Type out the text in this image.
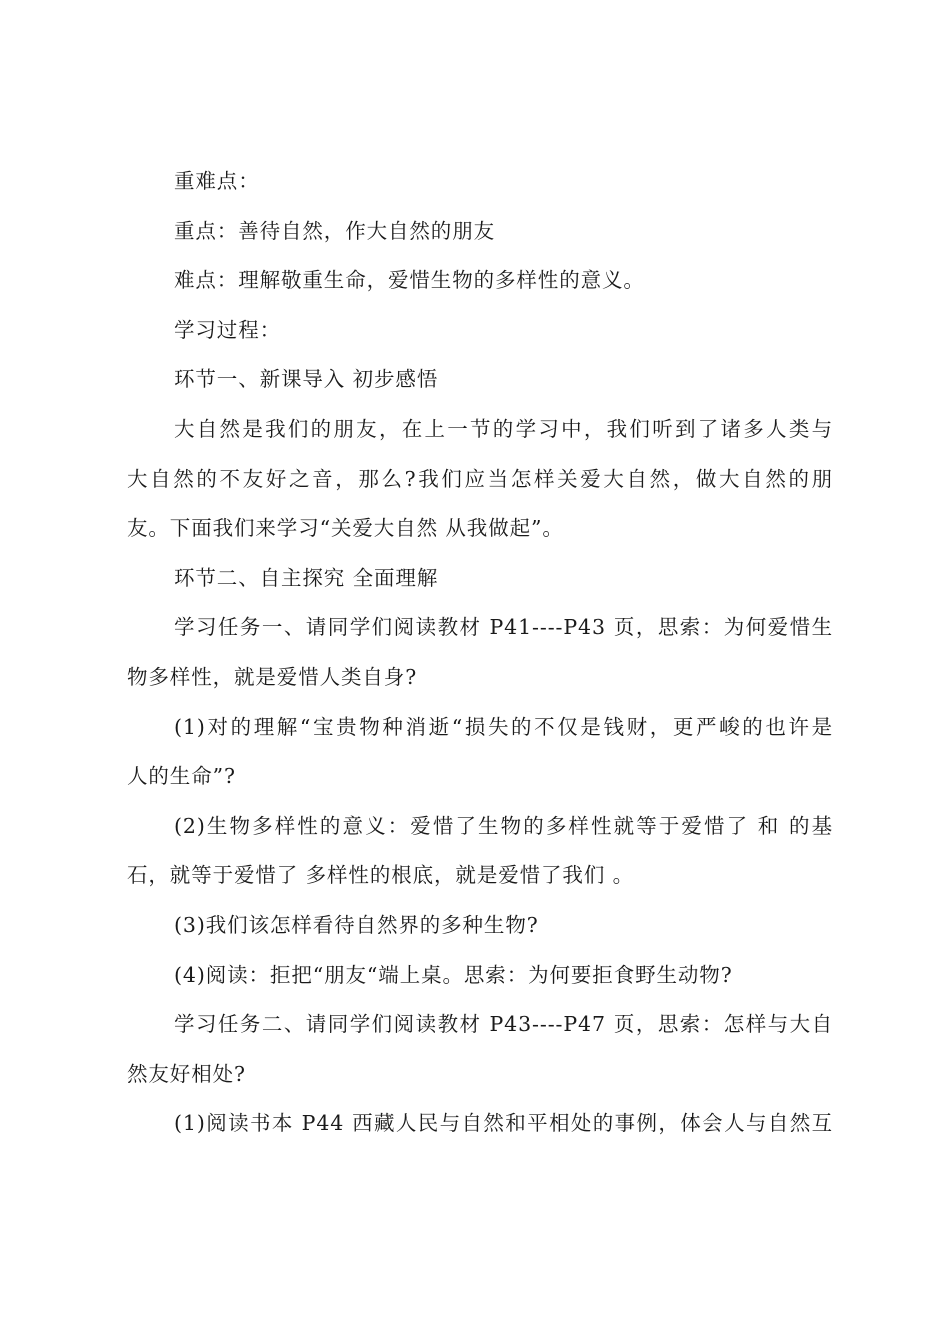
重难点：
重点：善待自然，作大自然的朋友
难点：理解敬重生命，爱惜生物的多样性的意义。
学习过程：
环节一、新课导入 初步感悟
大自然是我们的朋友，在上一节的学习中，我们听到了诸多人类与
大自然的不友好之音，那么?我们应当怎样关爱大自然，做大自然的朋
友。下面我们来学习“关爱大自然 从我做起”。
环节二、自主探究 全面理解
学习任务一、请同学们阅读教材 P41----P43 页，思索：为何爱惜生
物多样性，就是爱惜人类自身?
(1)对的理解“宝贵物种消逝“损失的不仅是钱财，更严峻的也许是
人的生命”?
(2)生物多样性的意义：爱惜了生物的多样性就等于爱惜了 和 的基
石，就等于爱惜了 多样性的根底，就是爱惜了我们 。
(3)我们该怎样看待自然界的多种生物?
(4)阅读：拒把“朋友“端上桌。思索：为何要拒食野生动物?
学习任务二、请同学们阅读教材 P43----P47 页，思索：怎样与大自
然友好相处?
(1)阅读书本 P44 西藏人民与自然和平相处的事例，体会人与自然互
